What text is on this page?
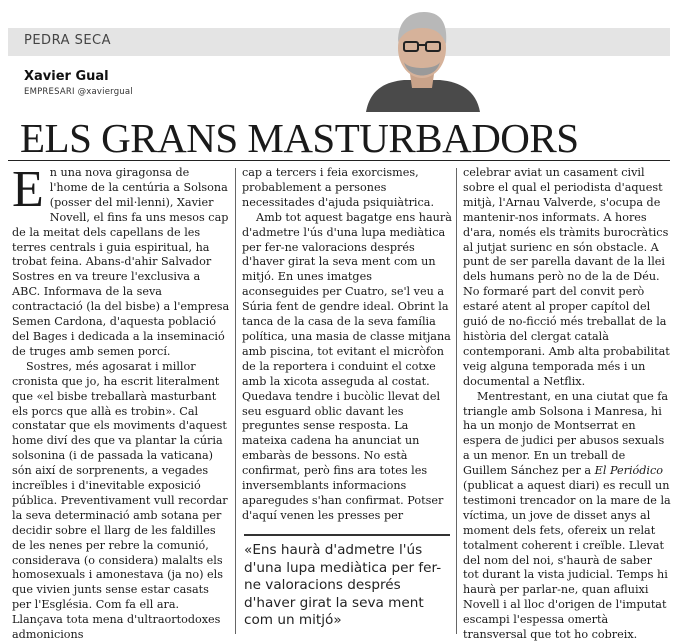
PEDRA SECA
Xavier Gual
EMPRESARI @xaviergual
ELS GRANS MASTURBADORS

En una nova giragonsa de l'home de la centúria a Solsona (posser del mil·lenni), Xavier Novell, el fins fa uns mesos cap de la meitat dels capellans de les terres centrals i guia espiritual, ha trobat feina. Abans-d'ahir Salvador Sostres en va treure l'exclusiva a ABC. Informava de la seva contractació (la del bisbe) a l'empresa Semen Cardona, d'aquesta població del Bages i dedicada a la inseminació de truges amb semen porcí.

Sostres, més agosarat i millor cronista que jo, ha escrit literalment que «el bisbe treballarà masturbant els porcs que allà es trobin». Cal constatar que els moviments d'aquest home diví des que va plantar la cúria solsonina (i de passada la vaticana) són així de sorprenents, a vegades increïbles i d'inevitable exposició pública. Preventivament vull recordar la seva determinació amb sotana per decidir sobre el llarg de les faldilles de les nenes per rebre la comunió, considerava (o considera) malalts els homosexuals i amonestava (ja no) els que vivien junts sense estar casats per l'Església. Com fa ell ara. Llançava tota mena d'ultraortodoxes admonicions

cap a tercers i feia exorcismes, probablement a persones necessitades d'ajuda psiquiàtrica.

Amb tot aquest bagatge ens haurà d'admetre l'ús d'una lupa mediàtica per fer-ne valoracions després d'haver girat la seva ment com un mitjó. En unes imatges aconseguides per Cuatro, se'l veu a Súria fent de gendre ideal. Obrint la tanca de la casa de la seva família política, una masia de classe mitjana amb piscina, tot evitant el micròfon de la reportera i conduint el cotxe amb la xicota asseguda al costat. Quedava tendre i bucòlic llevat del seu esguard oblic davant les preguntes sense resposta. La mateixa cadena ha anunciat un embaràs de bessons. No està confirmat, però fins ara totes les inversemblants informacions aparegudes s'han confirmat. Potser d'aquí venen les presses per

celebrar aviat un casament civil sobre el qual el periodista d'aquest mitjà, l'Arnau Valverde, s'ocupa de mantenir-nos informats. A hores d'ara, només els tràmits burocràtics al jutjat surienc en són obstacle. A punt de ser parella davant de la llei dels humans però no de la de Déu. No formaré part del convit però estaré atent al proper capítol del guió de no-ficció més treballat de la història del clergat català contemporani. Amb alta probabilitat veig alguna temporada més i un documental a Netflix.

Mentrestant, en una ciutat que fa triangle amb Solsona i Manresa, hi ha un monjo de Montserrat en espera de judici per abusos sexuals a un menor. En un treball de Guillem Sánchez per a El Periódico (publicat a aquest diari) es recull un testimoni trencador on la mare de la víctima, un jove de disset anys al moment dels fets, ofereix un relat totalment coherent i creïble. Llevat del nom del noi, s'haurà de saber tot durant la vista judicial. Temps hi haurà per parlar-ne, quan afluixi Novell i al lloc d'origen de l'imputat escampi l'espessa omertà transversal que tot ho cobreix.

«Ens haurà d'admetre l'ús d'una lupa mediàtica per fer-ne valoracions després d'haver girat la seva ment com un mitjó»
